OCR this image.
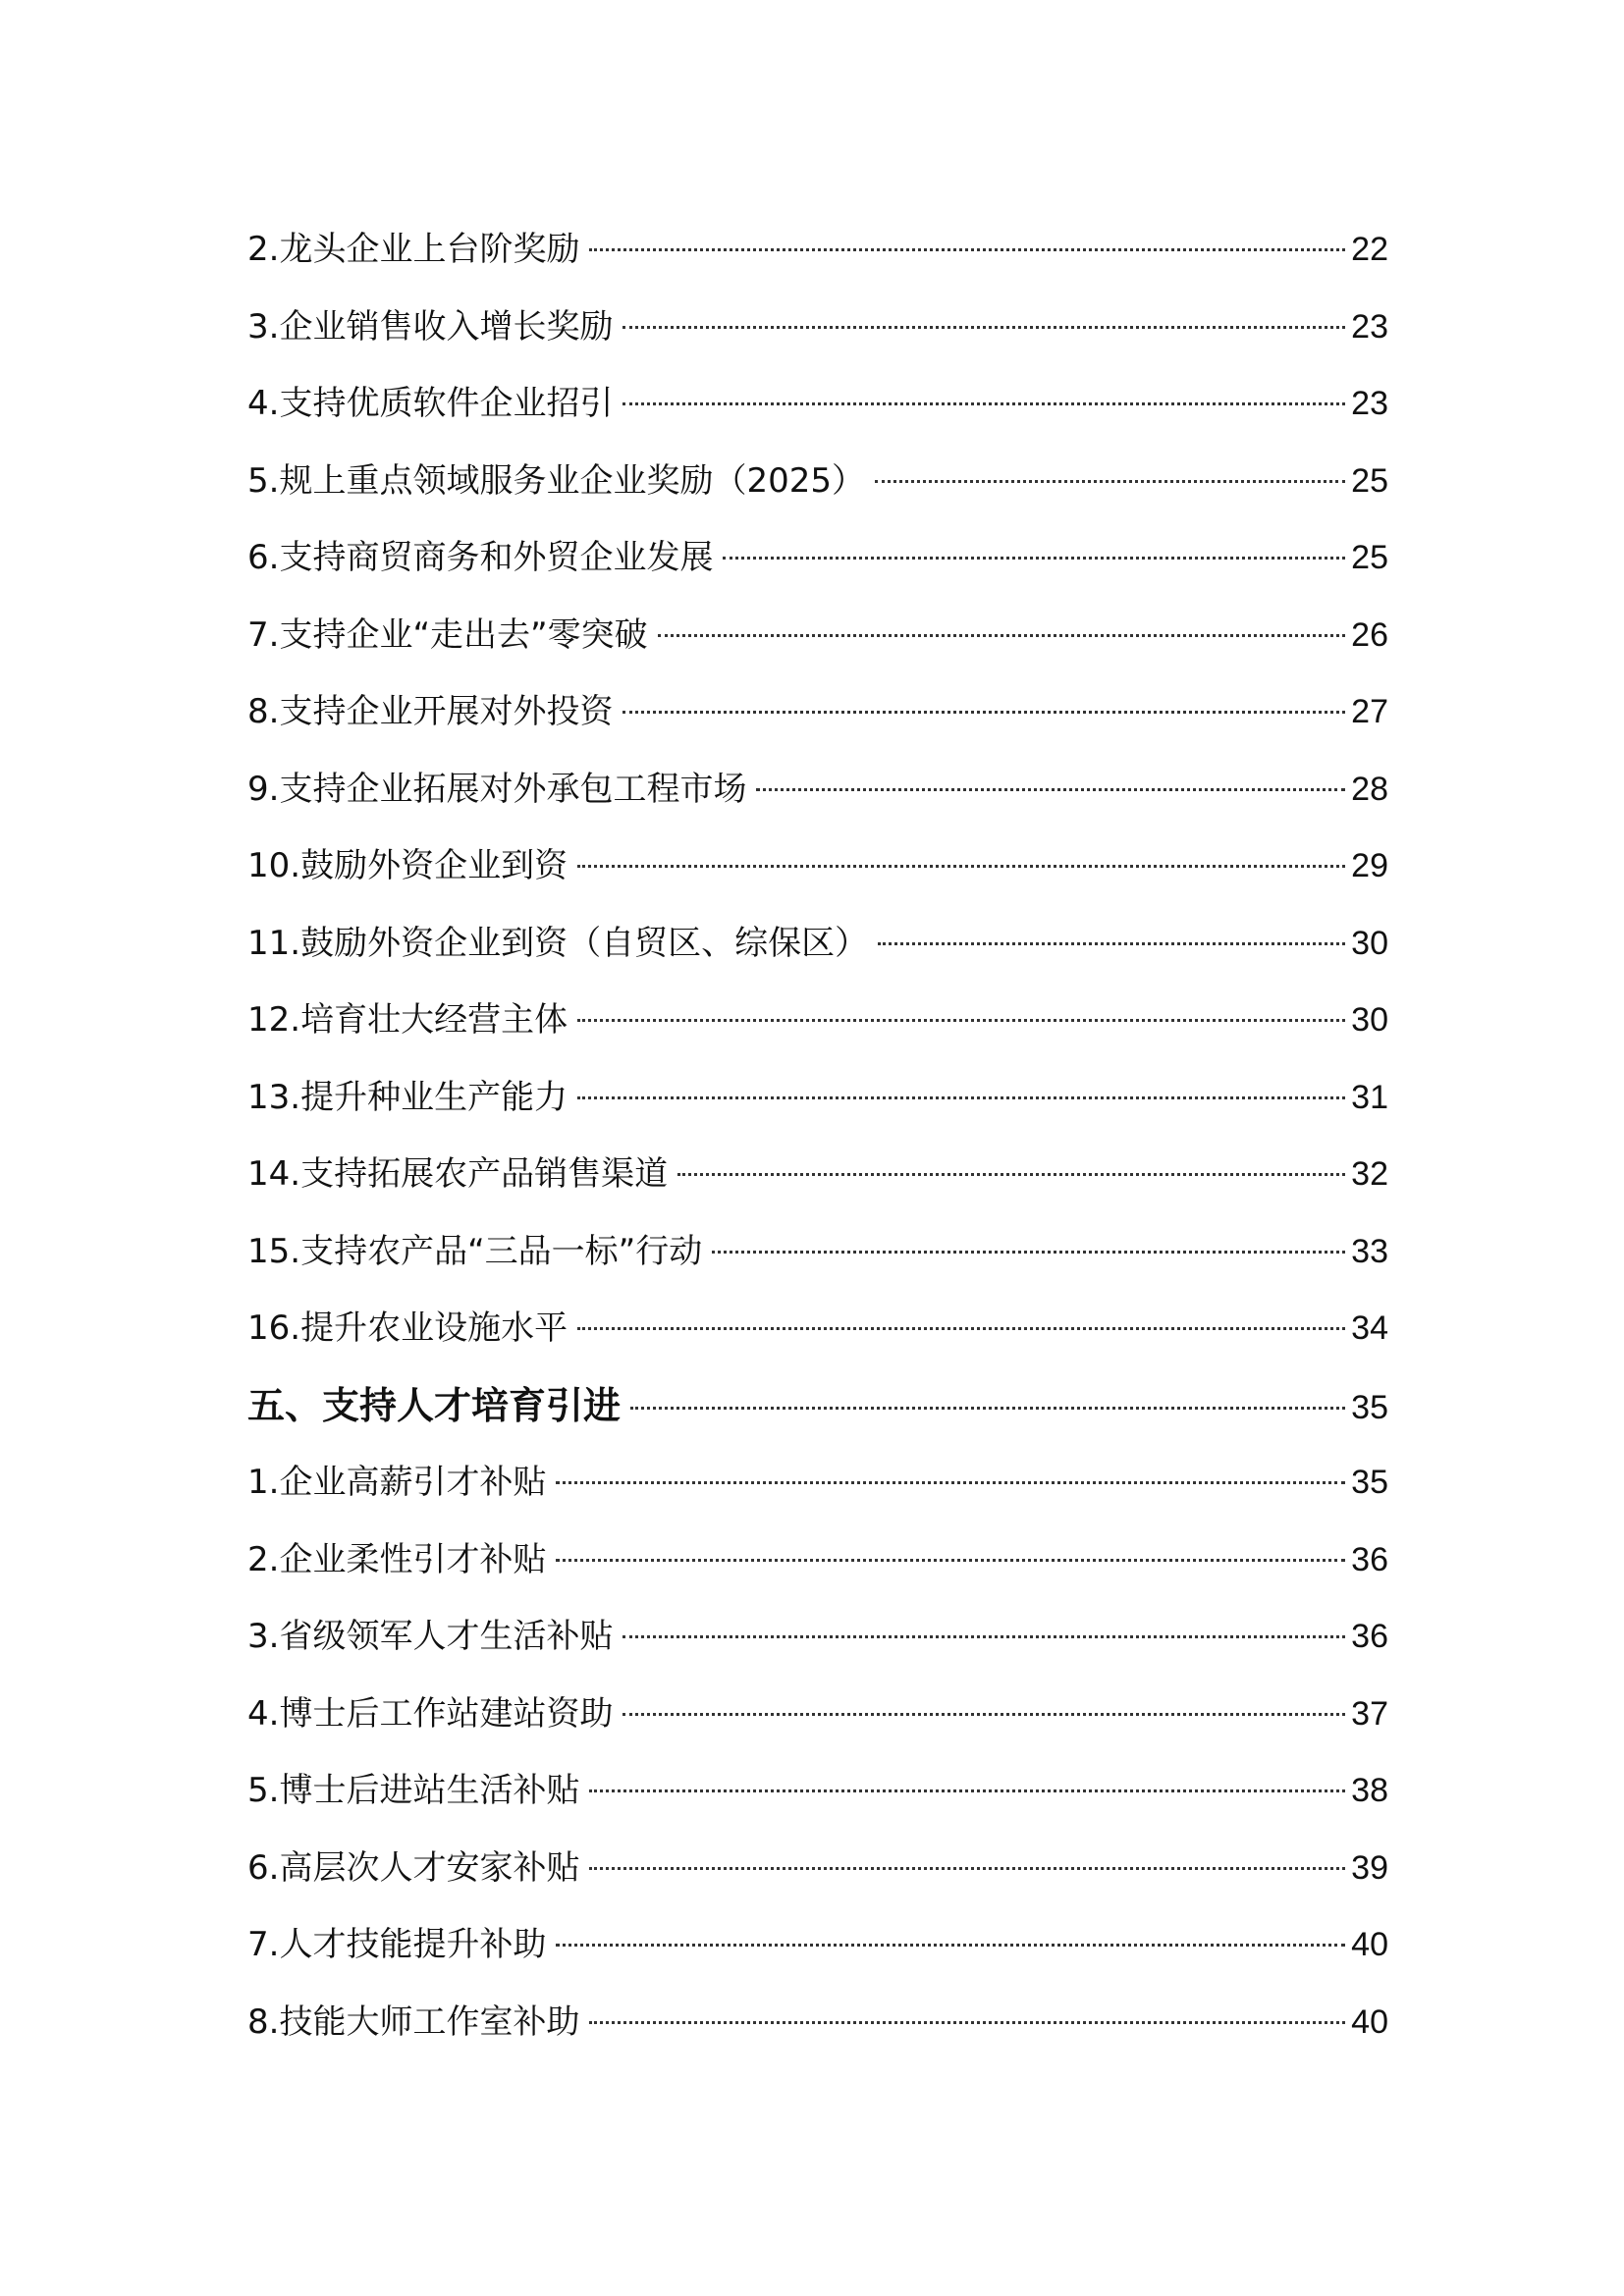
2.龙头企业上台阶奖励	22
3.企业销售收入增长奖励	23
4.支持优质软件企业招引	23
5.规上重点领域服务业企业奖励（2025）	25
6.支持商贸商务和外贸企业发展	25
7.支持企业“走出去”零突破	26
8.支持企业开展对外投资	27
9.支持企业拓展对外承包工程市场	28
10.鼓励外资企业到资	29
11.鼓励外资企业到资（自贸区、综保区）	30
12.培育壮大经营主体	30
13.提升种业生产能力	31
14.支持拓展农产品销售渠道	32
15.支持农产品“三品一标”行动	33
16.提升农业设施水平	34
五、支持人才培育引进	35
1.企业高薪引才补贴	35
2.企业柔性引才补贴	36
3.省级领军人才生活补贴	36
4.博士后工作站建站资助	37
5.博士后进站生活补贴	38
6.高层次人才安家补贴	39
7.人才技能提升补助	40
8.技能大师工作室补助	40
